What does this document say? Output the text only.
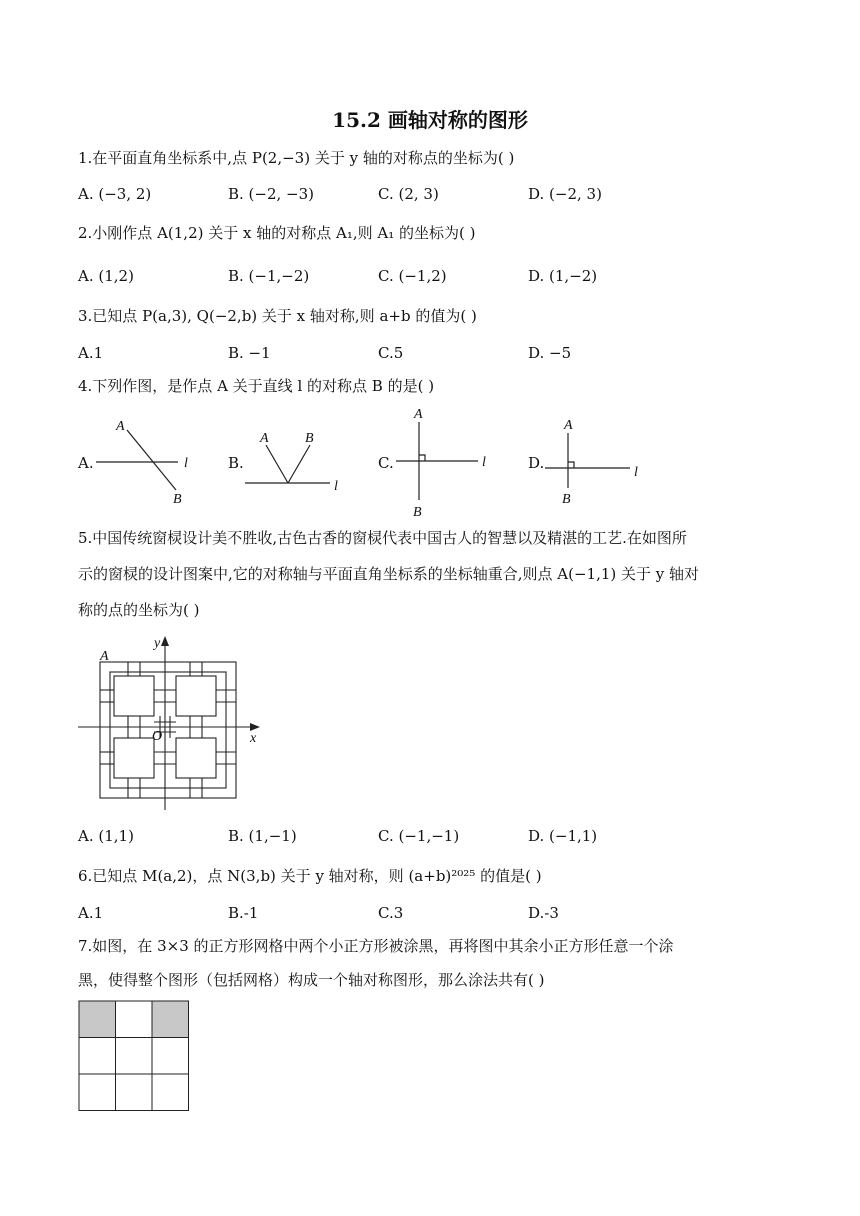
15.2 画轴对称的图形
1.在平面直角坐标系中,点 P(2,−3) 关于 y 轴的对称点的坐标为( )
A. (−3, 2)	B. (−2, −3)	C. (2, 3)	D. (−2, 3)
2.小刚作点 A(1,2) 关于 x 轴的对称点 A₁,则 A₁ 的坐标为( )
A. (1,2)	B. (−1,−2)	C. (−1,2)	D. (1,−2)
3.已知点 P(a,3), Q(−2,b) 关于 x 轴对称,则 a+b 的值为( )
A.1	B. −1	C.5	D. −5
4.下列作图，是作点 A 关于直线 l 的对称点 B 的是( )
A.	B.	C.	D.
A
l
B
A	B
l
A
l
B
A
l
B
5.中国传统窗棂设计美不胜收,古色古香的窗棂代表中国古人的智慧以及精湛的工艺.在如图所
示的窗棂的设计图案中,它的对称轴与平面直角坐标系的坐标轴重合,则点 A(−1,1) 关于 y 轴对
称的点的坐标为( )
A
y
O	x
A. (1,1)	B. (1,−1)	C. (−1,−1)	D. (−1,1)
6.已知点 M(a,2)，点 N(3,b) 关于 y 轴对称，则 (a+b)²⁰²⁵ 的值是( )
A.1	B.-1	C.3	D.-3
7.如图，在 3×3 的正方形网格中两个小正方形被涂黑，再将图中其余小正方形任意一个涂
黑，使得整个图形（包括网格）构成一个轴对称图形，那么涂法共有( )
